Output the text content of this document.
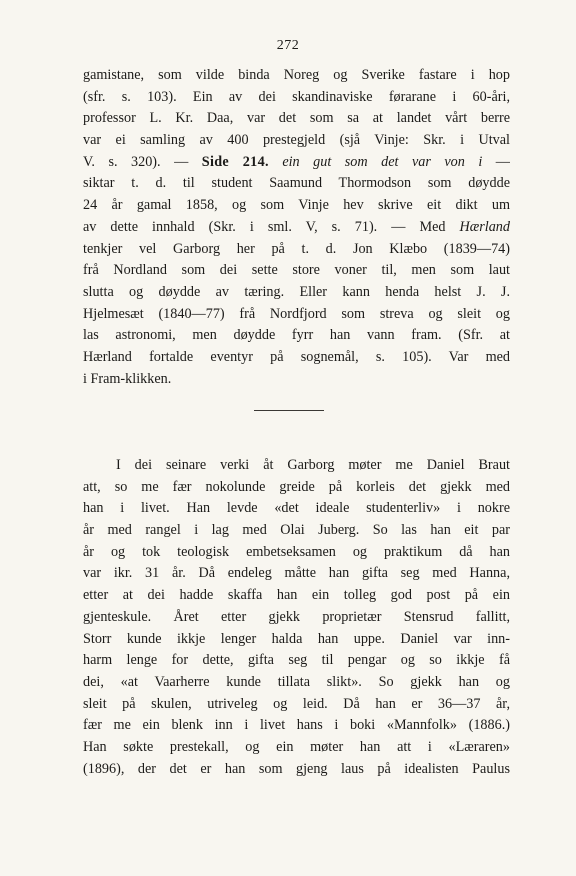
272
gamistane, som vilde binda Noreg og Sverike fastare i hop
(sfr. s. 103). Ein av dei skandinaviske førarane i 60-åri,
professor L. Kr. Daa, var det som sa at landet vårt berre
var ei samling av 400 prestegjeld (sjå Vinje: Skr. i Utval
V. s. 320). — Side 214. ein gut som det var von i —
siktar t. d. til student Saamund Thormodson som døydde
24 år gamal 1858, og som Vinje hev skrive eit dikt um
av dette innhald (Skr. i sml. V, s. 71). — Med Hærland
tenkjer vel Garborg her på t. d. Jon Klæbo (1839—74)
frå Nordland som dei sette store voner til, men som laut
slutta og døydde av tæring. Eller kann henda helst J. J.
Hjelmesæt (1840—77) frå Nordfjord som streva og sleit og
las astronomi, men døydde fyrr han vann fram. (Sfr. at
Hærland fortalde eventyr på sognemål, s. 105). Var med
i Fram-klikken.
I dei seinare verki åt Garborg møter me Daniel Braut
att, so me fær nokolunde greide på korleis det gjekk med
han i livet. Han levde «det ideale studenterliv» i nokre
år med rangel i lag med Olai Juberg. So las han eit par
år og tok teologisk embetseksamen og praktikum då han
var ikr. 31 år. Då endeleg måtte han gifta seg med Hanna,
etter at dei hadde skaffa han ein tolleg god post på ein
gjenteskule. Året etter gjekk proprietær Stensrud fallitt,
Storr kunde ikkje lenger halda han uppe. Daniel var inn-
harm lenge for dette, gifta seg til pengar og so ikkje få
dei, «at Vaarherre kunde tillata slikt». So gjekk han og
sleit på skulen, utriveleg og leid. Då han er 36—37 år,
fær me ein blenk inn i livet hans i boki «Mannfolk» (1886.)
Han søkte prestekall, og ein møter han att i «Læraren»
(1896), der det er han som gjeng laus på idealisten Paulus
